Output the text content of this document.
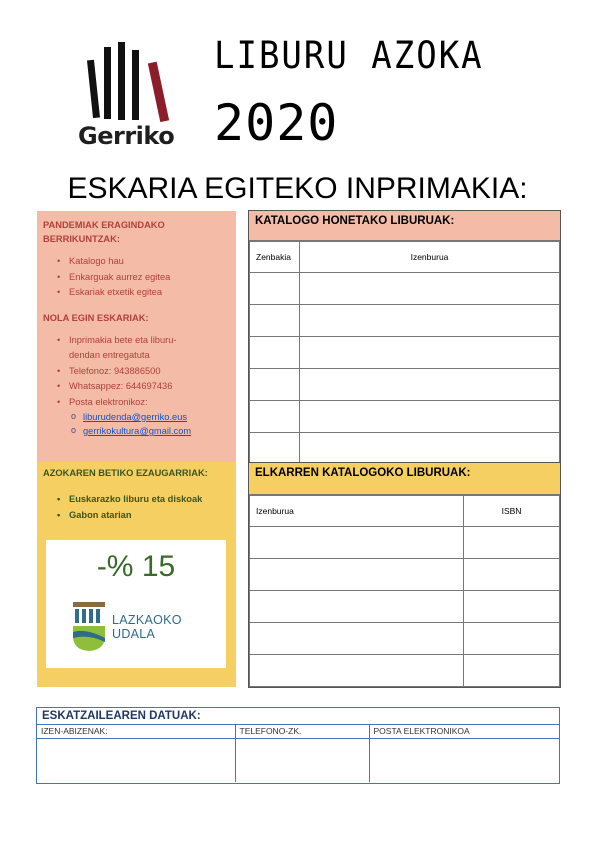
Gerriko
LIBURU AZOKA
2020
ESKARIA EGITEKO INPRIMAKIA:
PANDEMIAK ERAGINDAKO
BERRIKUNTZAK:
• Katalogo hau
• Enkarguak aurrez egitea
• Eskariak etxetik egitea
NOLA EGIN ESKARIAK:
• Inprimakia bete eta liburu-
dendan entregatuta
• Telefonoz: 943886500
• Whatsappez: 644697436
• Posta elektronikoz:
o liburudenda@gerriko.eus
o gerrikokultura@gmail.com
AZOKAREN BETIKO EZAUGARRIAK:
• Euskarazko liburu eta diskoak
• Gabon atarian
-% 15
LAZKAOKO
UDALA
KATALOGO HONETAKO LIBURUAK:
Zenbakia	Izenburua

ELKARREN KATALOGOKO LIBURUAK:
Izenburua	ISBN

ESKATZAILEAREN DATUAK:
IZEN-ABIZENAK:	TELEFONO-ZK.	POSTA ELEKTRONIKOA
